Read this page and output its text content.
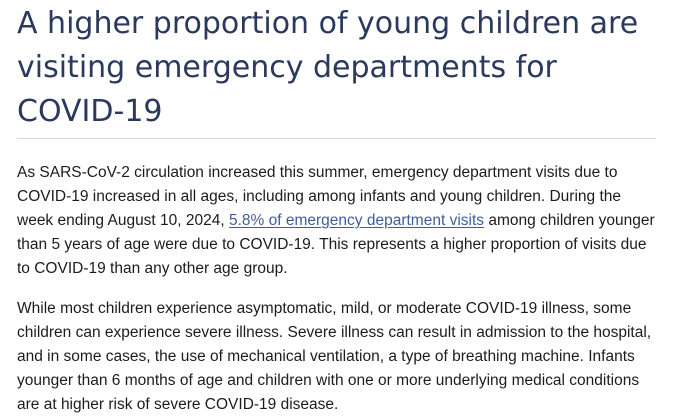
A higher proportion of young children are visiting emergency departments for COVID-19

As SARS-CoV-2 circulation increased this summer, emergency department visits due to COVID-19 increased in all ages, including among infants and young children. During the week ending August 10, 2024, 5.8% of emergency department visits among children younger than 5 years of age were due to COVID-19. This represents a higher proportion of visits due to COVID-19 than any other age group.

While most children experience asymptomatic, mild, or moderate COVID-19 illness, some children can experience severe illness. Severe illness can result in admission to the hospital, and in some cases, the use of mechanical ventilation, a type of breathing machine. Infants younger than 6 months of age and children with one or more underlying medical conditions are at higher risk of severe COVID-19 disease.
